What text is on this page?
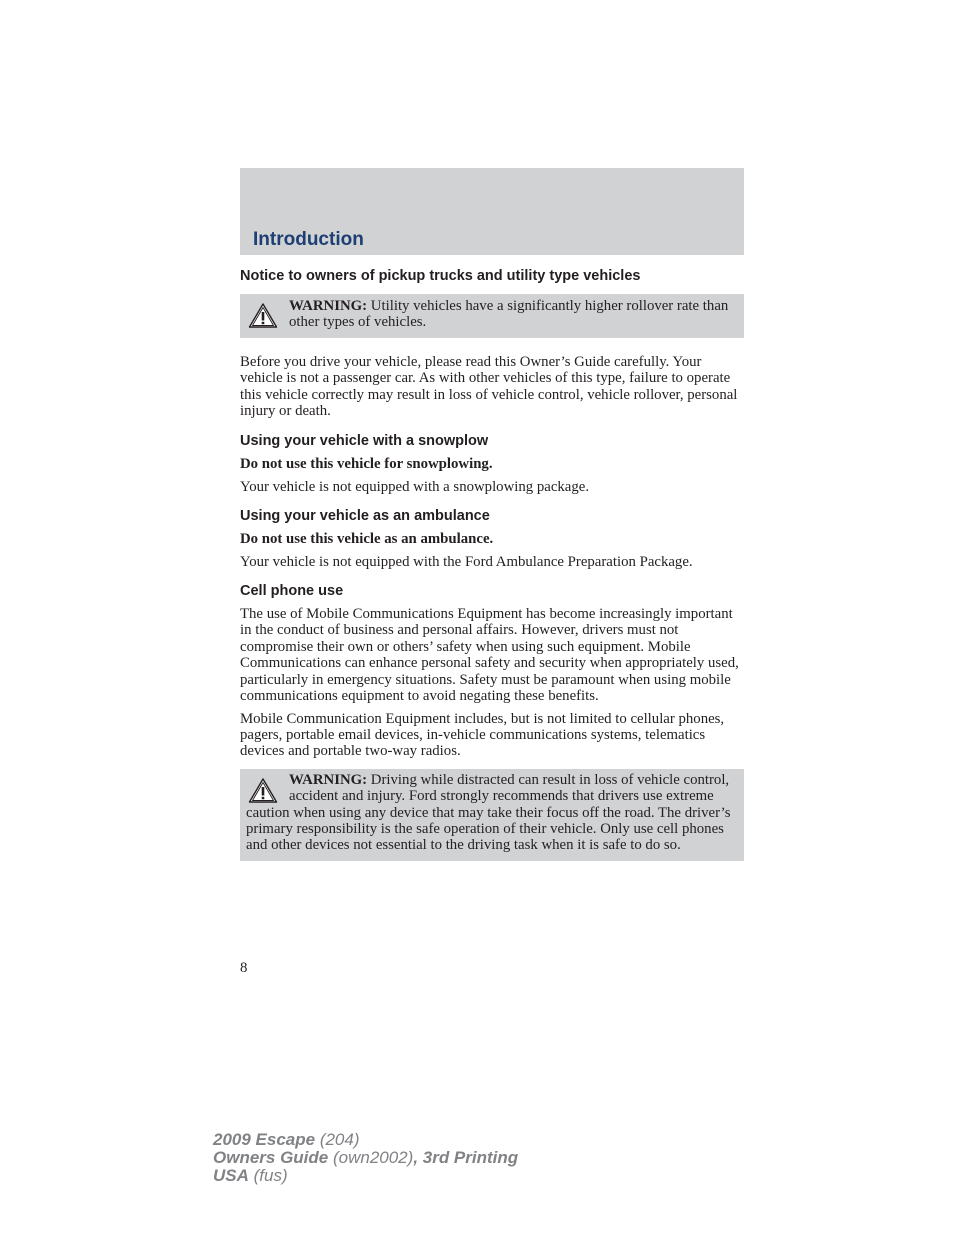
Introduction
Notice to owners of pickup trucks and utility type vehicles
WARNING: Utility vehicles have a significantly higher rollover rate than other types of vehicles.

Before you drive your vehicle, please read this Owner’s Guide carefully. Your vehicle is not a passenger car. As with other vehicles of this type, failure to operate this vehicle correctly may result in loss of vehicle control, vehicle rollover, personal injury or death.

Using your vehicle with a snowplow

Do not use this vehicle for snowplowing.

Your vehicle is not equipped with a snowplowing package.

Using your vehicle as an ambulance

Do not use this vehicle as an ambulance.

Your vehicle is not equipped with the Ford Ambulance Preparation Package.

Cell phone use

The use of Mobile Communications Equipment has become increasingly important in the conduct of business and personal affairs. However, drivers must not compromise their own or others’ safety when using such equipment. Mobile Communications can enhance personal safety and security when appropriately used, particularly in emergency situations. Safety must be paramount when using mobile communications equipment to avoid negating these benefits.

Mobile Communication Equipment includes, but is not limited to cellular phones, pagers, portable email devices, in-vehicle communications systems, telematics devices and portable two-way radios.

WARNING: Driving while distracted can result in loss of vehicle control, accident and injury. Ford strongly recommends that drivers use extreme caution when using any device that may take their focus off the road. The driver’s primary responsibility is the safe operation of their vehicle. Only use cell phones and other devices not essential to the driving task when it is safe to do so.

8

2009 Escape (204)
Owners Guide (own2002), 3rd Printing
USA (fus)
